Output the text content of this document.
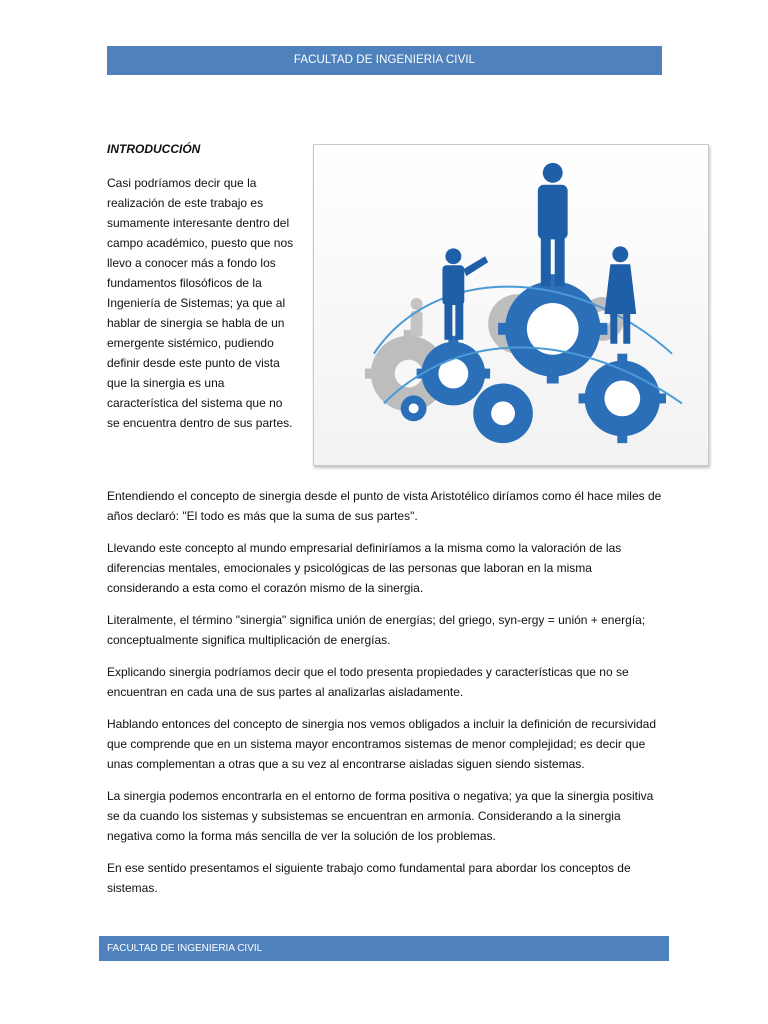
FACULTAD DE INGENIERIA CIVIL
INTRODUCCIÓN
Casi podríamos decir que la realización de este trabajo es sumamente interesante dentro del campo académico, puesto que nos llevo a conocer más a fondo los fundamentos filosóficos de la Ingeniería de Sistemas; ya que al hablar de sinergia se habla de un emergente sistémico, pudiendo definir desde este punto de vista que la sinergia es una característica del sistema que no se encuentra dentro de sus partes.

Entendiendo el concepto de sinergia desde el punto de vista Aristotélico diríamos como él hace miles de años declaró: "El todo es más que la suma de sus partes".

Llevando este concepto al mundo empresarial definiríamos a la misma como la valoración de las diferencias mentales, emocionales y psicológicas de las personas que laboran en la misma considerando a esta como el corazón mismo de la sinergia.

Literalmente, el término "sinergia" significa unión de energías; del griego, syn-ergy = unión + energía; conceptualmente significa multiplicación de energías.

Explicando sinergia podríamos decir que el todo presenta propiedades y características que no se encuentran en cada una de sus partes al analizarlas aisladamente.

Hablando entonces del concepto de sinergia nos vemos obligados a incluir la definición de recursividad que comprende que en un sistema mayor encontramos sistemas de menor complejidad; es decir que unas complementan a otras que a su vez al encontrarse aisladas siguen siendo sistemas.

La sinergia podemos encontrarla en el entorno de forma positiva o negativa; ya que la sinergia positiva se da cuando los sistemas y subsistemas se encuentran en armonía. Considerando a la sinergia negativa como la forma más sencilla de ver la solución de los problemas.

En ese sentido presentamos el siguiente trabajo como fundamental para abordar los conceptos de sistemas.

FACULTAD DE INGENIERIA CIVIL
